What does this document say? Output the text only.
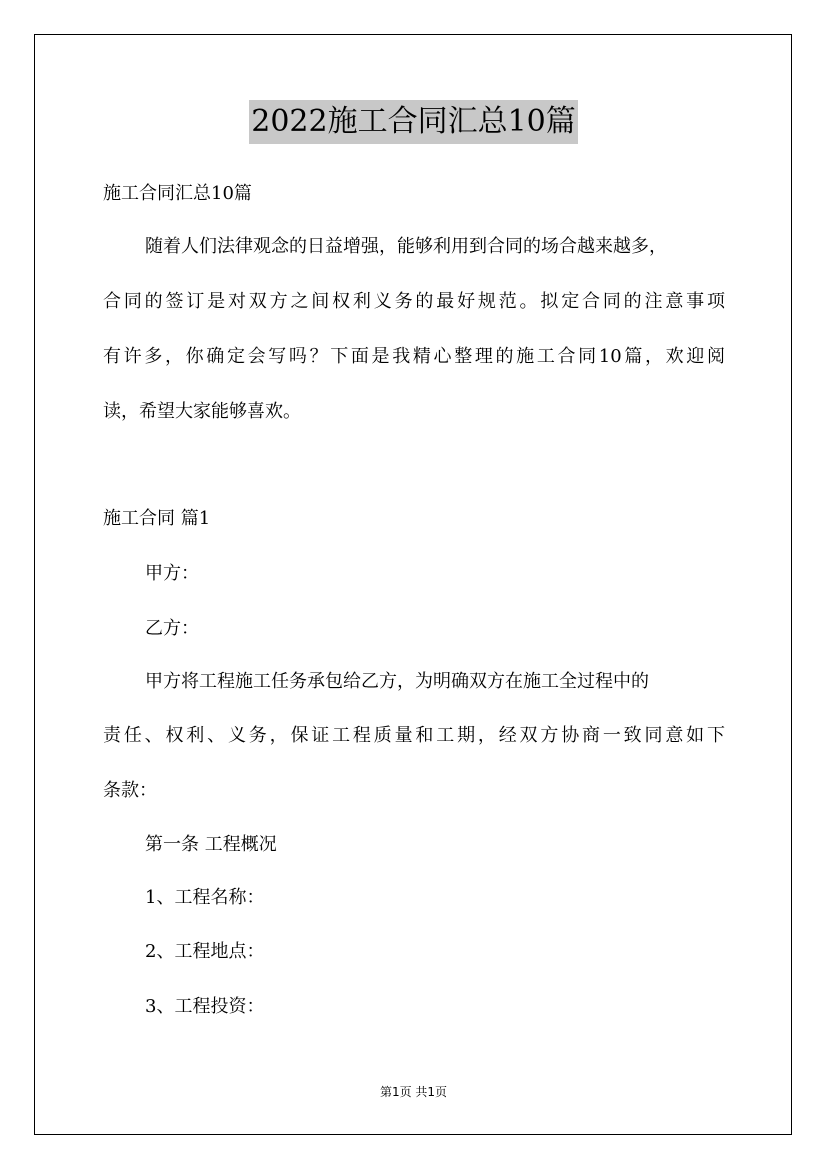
2022施工合同汇总10篇
施工合同汇总10篇
随着人们法律观念的日益增强，能够利用到合同的场合越来越多，
合同的签订是对双方之间权利义务的最好规范。拟定合同的注意事项
有许多，你确定会写吗？下面是我精心整理的施工合同10篇，欢迎阅
读，希望大家能够喜欢。
施工合同 篇1
甲方：
乙方：
甲方将工程施工任务承包给乙方，为明确双方在施工全过程中的
责任、权利、义务，保证工程质量和工期，经双方协商一致同意如下
条款：
第一条 工程概况
1、工程名称：
2、工程地点：
3、工程投资：
第1页 共1页
